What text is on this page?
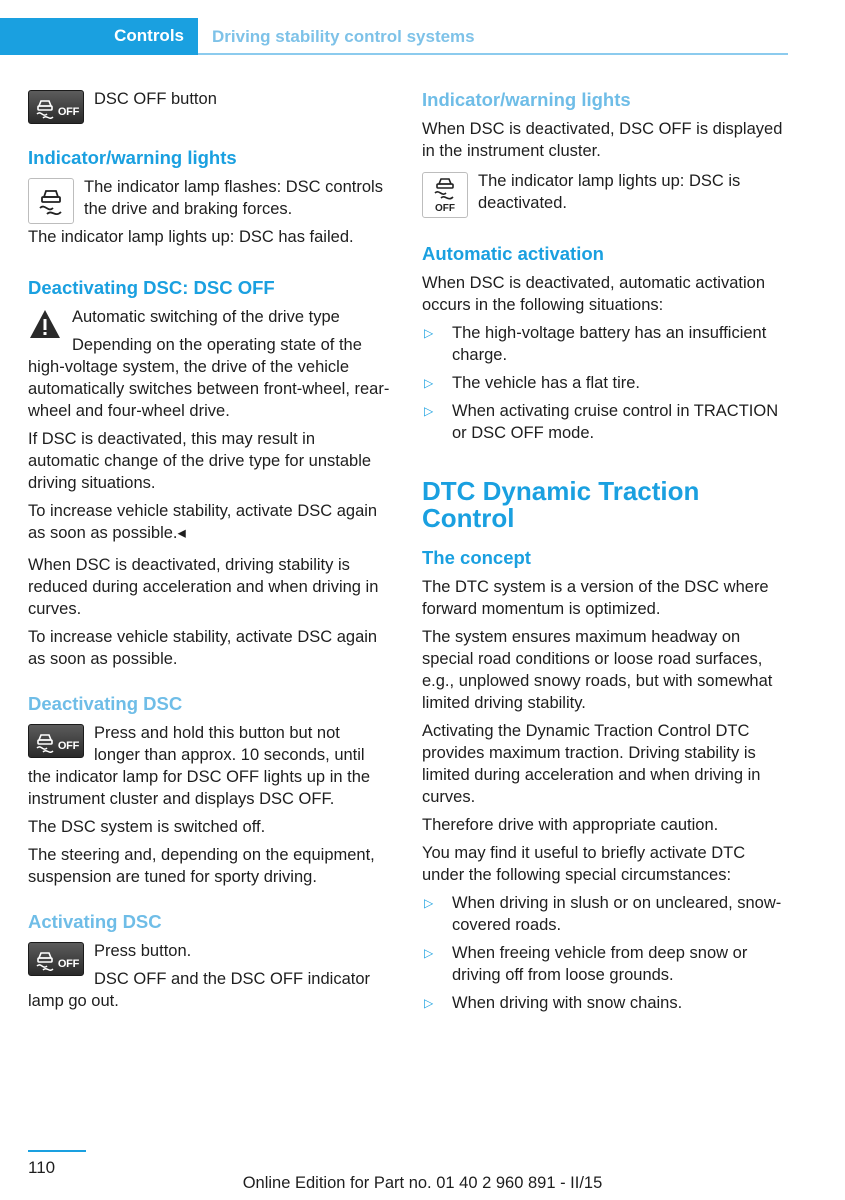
Controls Driving stability control systems
OFF

DSC OFF button

Indicator/warning lights

The indicator lamp flashes: DSC controls the drive and braking forces.

The indicator lamp lights up: DSC has failed.

Deactivating DSC: DSC OFF

Automatic switching of the drive type

Depending on the operating state of the high-voltage system, the drive of the vehicle automatically switches between front-wheel, rear-wheel and four-wheel drive.

If DSC is deactivated, this may result in automatic change of the drive type for unstable driving situations.

To increase vehicle stability, activate DSC again as soon as possible.◂

When DSC is deactivated, driving stability is reduced during acceleration and when driving in curves.

To increase vehicle stability, activate DSC again as soon as possible.

Deactivating DSC
OFF

Press and hold this button but not longer than approx. 10 seconds, until the indicator lamp for DSC OFF lights up in the instrument cluster and displays DSC OFF.

The DSC system is switched off.

The steering and, depending on the equipment, suspension are tuned for sporty driving.

Activating DSC
OFF

Press button.

DSC OFF and the DSC OFF indicator lamp go out.

Indicator/warning lights

When DSC is deactivated, DSC OFF is displayed in the instrument cluster.

OFF

The indicator lamp lights up: DSC is deactivated.

Automatic activation

When DSC is deactivated, automatic activation occurs in the following situations:

▷ The high-voltage battery has an insufficient charge.
▷ The vehicle has a flat tire.
▷ When activating cruise control in TRACTION or DSC OFF mode.
DTC Dynamic Traction Control
The concept

The DTC system is a version of the DSC where forward momentum is optimized.

The system ensures maximum headway on special road conditions or loose road surfaces, e.g., unplowed snowy roads, but with somewhat limited driving stability.

Activating the Dynamic Traction Control DTC provides maximum traction. Driving stability is limited during acceleration and when driving in curves.

Therefore drive with appropriate caution.

You may find it useful to briefly activate DTC under the following special circumstances:

▷ When driving in slush or on uncleared, snow-covered roads.
▷ When freeing vehicle from deep snow or driving off from loose grounds.
▷ When driving with snow chains.
110
Online Edition for Part no. 01 40 2 960 891 - II/15
